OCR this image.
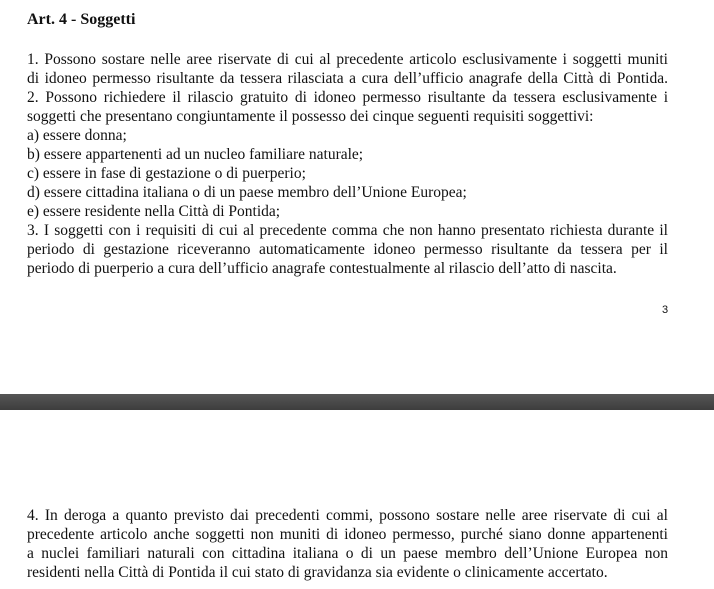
Art. 4 - Soggetti
1. Possono sostare nelle aree riservate di cui al precedente articolo esclusivamente i soggetti muniti
di idoneo permesso risultante da tessera rilasciata a cura dell’ufficio anagrafe della Città di Pontida.
2. Possono richiedere il rilascio gratuito di idoneo permesso risultante da tessera esclusivamente i
soggetti che presentano congiuntamente il possesso dei cinque seguenti requisiti soggettivi:
a) essere donna;
b) essere appartenenti ad un nucleo familiare naturale;
c) essere in fase di gestazione o di puerperio;
d) essere cittadina italiana o di un paese membro dell’Unione Europea;
e) essere residente nella Città di Pontida;
3. I soggetti con i requisiti di cui al precedente comma che non hanno presentato richiesta durante il
periodo di gestazione riceveranno automaticamente idoneo permesso risultante da tessera per il
periodo di puerperio a cura dell’ufficio anagrafe contestualmente al rilascio dell’atto di nascita.
3
4. In deroga a quanto previsto dai precedenti commi, possono sostare nelle aree riservate di cui al
precedente articolo anche soggetti non muniti di idoneo permesso, purché siano donne appartenenti
a nuclei familiari naturali con cittadina italiana o di un paese membro dell’Unione Europea non
residenti nella Città di Pontida il cui stato di gravidanza sia evidente o clinicamente accertato.
